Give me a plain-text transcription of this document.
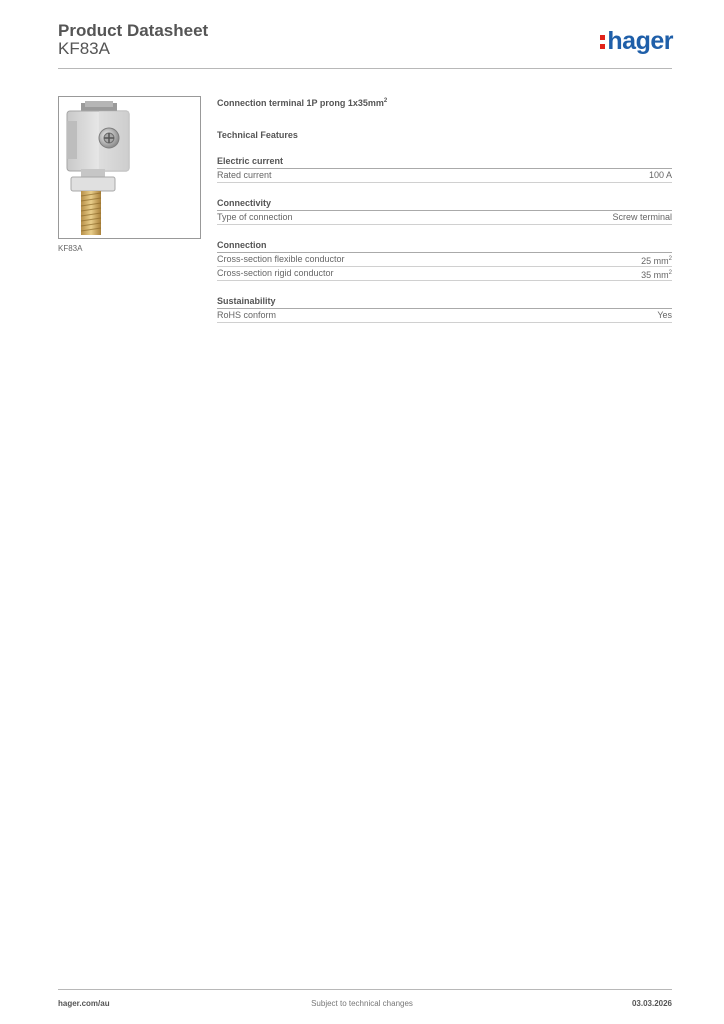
Product Datasheet
KF83A	hager
KF83A
Connection terminal 1P prong $1x35mm^2$
Technical Features
Electric current
Rated current	100 A
Connectivity
Type of connection	Screw terminal
Connection
Cross-section flexible conductor	25 $mm^2$
Cross-section rigid conductor	35 $mm^2$
Sustainability
RoHS conform	Yes
hager.com/au	Subject to technical changes	03.03.2026
